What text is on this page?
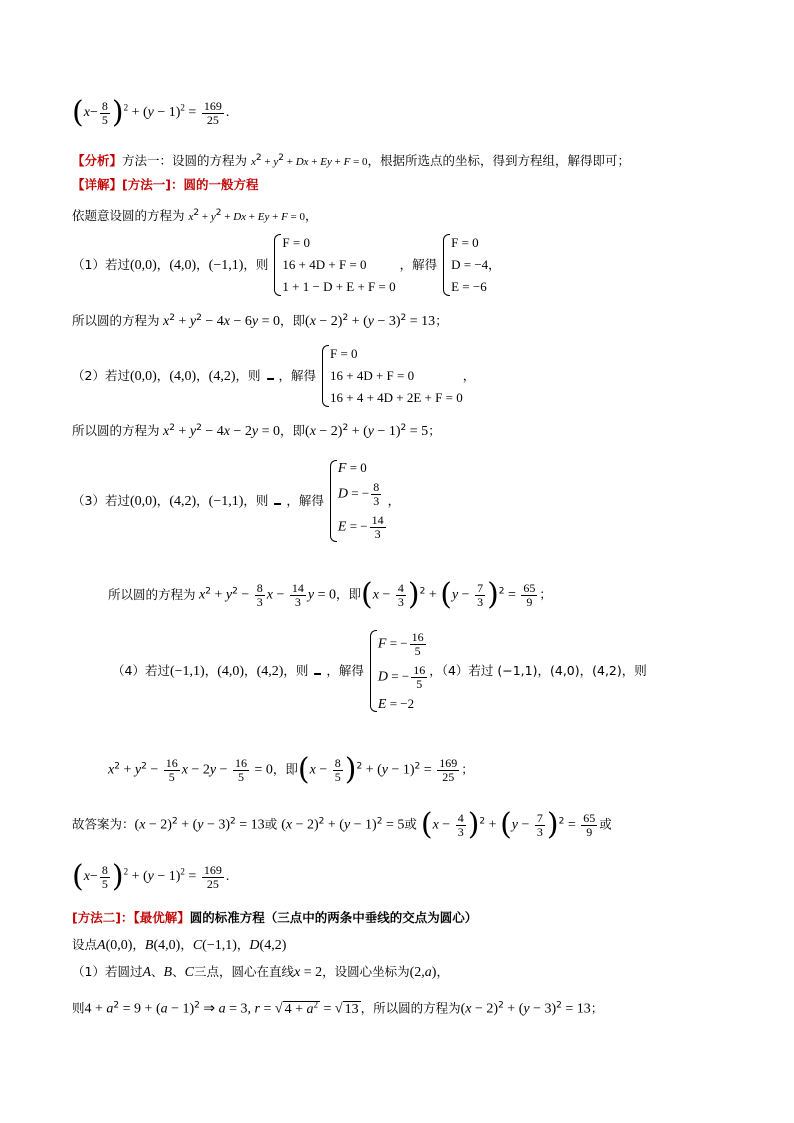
$(x- \frac{8}{5} )^2 + (y - 1)^2 = \frac{169}{25}$ .
【分析】方法一：设圆的方程为 $x^2 + y^2 + Dx + Ey + F = 0$，根据所选点的坐标，得到方程组，解得即可；
【详解】[方法一]：圆的一般方程
依题意设圆的方程为 $x^2 + y^2 + Dx + Ey + F = 0$，
（1）若过(0,0)，(4,0)，(−1,1)，则
F = 0
16 + 4D + F = 0
1 + 1 − D + E + F = 0
，解得
F = 0
D = −4
E = −6
，
所以圆的方程为 $x^2 + y^2 - 4x - 6y = 0$，即$(x - 2)^2 + (y - 3)^2 = 13$；
（2）若过(0,0)，(4,0)，(4,2)，则 ，解得
F = 0
16 + 4D + F = 0
16 + 4 + 4D + 2E + F = 0
，
所以圆的方程为 $x^2 + y^2 - 4x - 2y = 0$，即$(x - 2)^2 + (y - 1)^2 = 5$；
（3）若过(0,0)，(4,2)，(−1,1)，则 ，解得
F = 0
D = − $\frac{8}{3}$
E = − $\frac{14}{3}$
，
所以圆的方程为 $x^2 + y^2 - \frac{8}{3}$ $x - \frac{14}{3}$ y = 0，即$(x - \frac{4}{3} )^2 + (y - \frac{7}{3} )^2 = \frac{65}{9}$ ；
（4）若过(−1,1)，(4,0)，(4,2)，则 ，解得
F = − $\frac{16}{5}$
D = − $\frac{16}{5}$
E = −2
，（4）若过 (−1,1)，(4,0)，(4,2)，则
$x^2 + y^2 - \frac{16}{5}$ $x - 2y - \frac{16}{5} = 0$，即$(x - \frac{8}{5} )^2 + (y - 1)^2 = \frac{169}{25}$ ；
故答案为：$(x - 2)^2 + (y - 3)^2 = 13$或 $(x - 2)^2 + (y - 1)^2 = 5$或 $(x - \frac{4}{3} )^2 + (y - \frac{7}{3} )^2 = \frac{65}{9}$ 或
$(x- \frac{8}{5} )^2 + (y - 1)^2 = \frac{169}{25}$ .
[方法二]：【最优解】圆的标准方程（三点中的两条中垂线的交点为圆心）
设点A(0,0)，B(4,0)，C(−1,1)，D(4,2)
（1）若圆过A、B、C三点，圆心在直线x = 2，设圆心坐标为(2,a)，
则$4 + a^2 = 9 + (a - 1)^2$ ⇒ a = 3, r = √ $4 + a^2$ = √ 13 ，所以圆的方程为$(x - 2)^2 + (y - 3)^2 = 13$；
